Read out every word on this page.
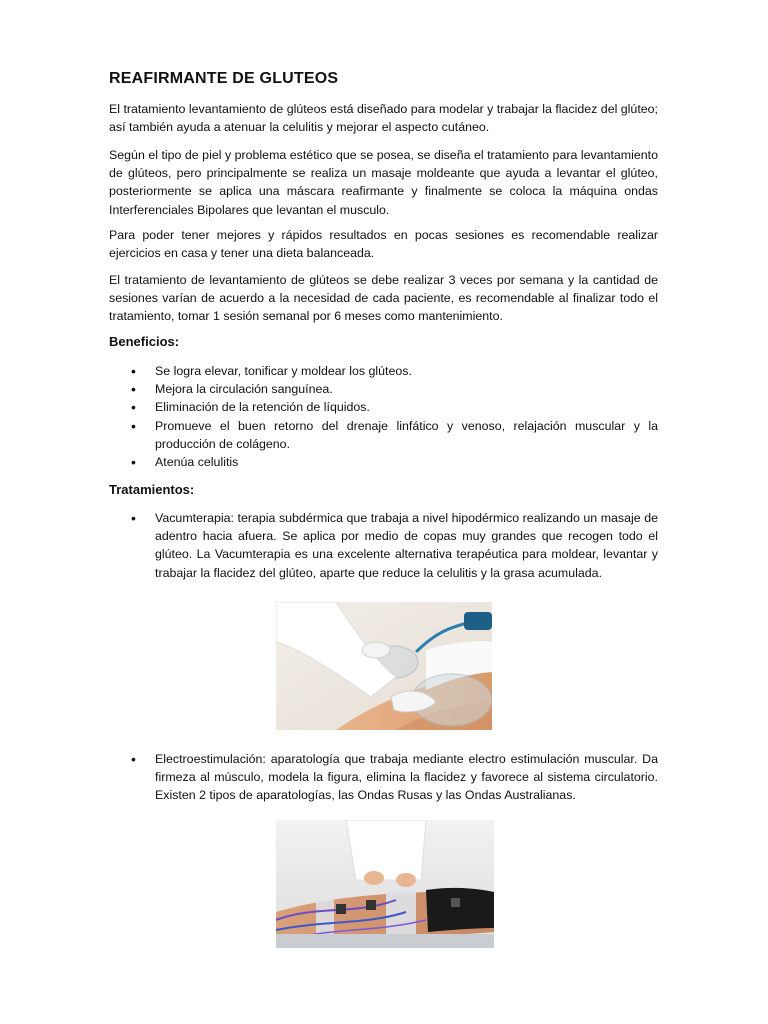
REAFIRMANTE DE GLUTEOS

El tratamiento levantamiento de glúteos está diseñado para modelar y trabajar la flacidez del glúteo; así también ayuda a atenuar la celulitis y mejorar el aspecto cutáneo.

Según el tipo de piel y problema estético que se posea, se diseña el tratamiento para levantamiento de glúteos, pero principalmente se realiza un masaje moldeante que ayuda a levantar el glúteo, posteriormente se aplica una máscara reafirmante y finalmente se coloca la máquina ondas Interferenciales Bipolares que levantan el musculo.

Para poder tener mejores y rápidos resultados en pocas sesiones es recomendable realizar ejercicios en casa y tener una dieta balanceada.

El tratamiento de levantamiento de glúteos se debe realizar 3 veces por semana y la cantidad de sesiones varían de acuerdo a la necesidad de cada paciente, es recomendable al finalizar todo el tratamiento, tomar 1 sesión semanal por 6 meses como mantenimiento.

Beneficios:
• Se logra elevar, tonificar y moldear los glúteos.
• Mejora la circulación sanguínea.
• Eliminación de la retención de líquidos.
• Promueve el buen retorno del drenaje linfático y venoso, relajación muscular y la producción de colágeno.
• Atenúa celulitis
Tratamientos:
• Vacumterapia: terapia subdérmica que trabaja a nivel hipodérmico realizando un masaje de adentro hacia afuera. Se aplica por medio de copas muy grandes que recogen todo el glúteo. La Vacumterapia es una excelente alternativa terapéutica para moldear, levantar y trabajar la flacidez del glúteo, aparte que reduce la celulitis y la grasa acumulada.
• Electroestimulación: aparatología que trabaja mediante electro estimulación muscular. Da firmeza al músculo, modela la figura, elimina la flacidez y favorece al sistema circulatorio. Existen 2 tipos de aparatologías, las Ondas Rusas y las Ondas Australianas.
